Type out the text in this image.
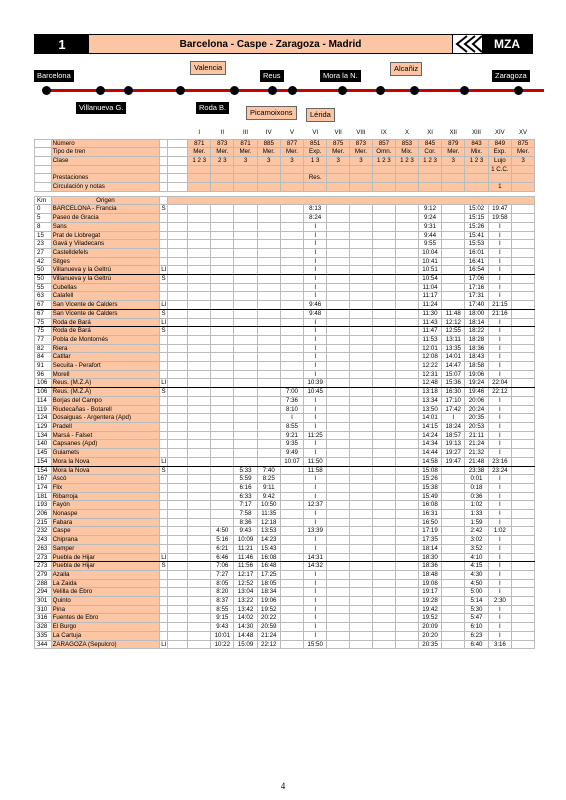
1	Barcelona - Caspe - Zaragoza - Madrid	MZA
Barcelona
Valencia
Villanueva G.	Roda B.
Reus
Picamoixons
Mora la N.
Lérida
Alcañiz
Zaragoza
				I	II	III	IV	V	VI	VII	VIII	IX	X	XI	XII	XIII	XIV	XV
	Número			871	873	871	885	877	851	875	873	857	853	845	879	843	849	875
	Tipo de tren			Mer.	Mer.	Mer.	Mer.	Mer.	Exp.	Mer.	Mer.	Omn.	Mix.	Cor.	Mer.	Mix.	Exp.	Mer.
	Clase			1 2 3	2 3	3	3	3	1 3	3	3	1 2 3	1 2 3	1 2 3	3	1 2 3	Lujo	3
																	1 C.C.	
	Prestaciones								Res.									
	Circulación y notas																1	

Km	Origen																	
0	BARCELONA - Francia	S							8:13					9:12		15:02	19:47	
5	Paseo de Gracia								8:24					9:24		15:15	19:58	
8	Sans								I					9:31		15:26	I	
15	Prat de Llobregat								I					9:44		15:41	I	
23	Gavá y Viladecans								I					9:55		15:53	I	
27	Castelldefels								I					10:04		16:01	I	
42	Sitges								I					10:41		16:41	I	
50	Villanueva y la Geltrú	Ll							I					10:51		16:54	I	
50	Villanueva y la Geltrú	S							I					10:54		17:06	I	
55	Cubellas								I					11:04		17:16	I	
63	Calafell								I					11:17		17:31	I	
67	San Vicente de Calders	Ll							9:46					11:24		17:40	21:15	
67	San Vicente de Calders	S							9:48					11:30	11:48	18:00	21:16	
75	Roda de Bará	Ll							I					11:43	12:12	18:14	I	
75	Roda de Bará	S							I					11:47	12:55	18:22	I	
77	Pobla de Montornés								I					11:53	13:11	18:28	I	
82	Riera								I					12:01	13:35	18:36	I	
84	Catllar								I					12:08	14:01	18:43	I	
91	Secuita - Perafort								I					12:22	14:47	18:58	I	
96	Morell								I					12:31	15:07	19:06	I	
106	Reus. (M.Z.A)	Ll							10:39					12:48	15:36	19:24	22:04	
106	Reus. (M.Z.A)	S						7:00	10:45					13:18	16:30	19:46	22:12	
114	Borjas del Campo							7:36	I					13:34	17:10	20:06	I	
119	Riudecañas - Botarell							8:10	I					13:50	17:42	20:24	I	
124	Dosaiguas - Argentera (Apd)							I	I					14:01	I	20:35	I	
129	Pradell							8:55	I					14:15	18:24	20:53	I	
134	Marsá - Falset							9:21	11:25					14:24	18:57	21:11	I	
140	Capsanes (Apd)							9:35	I					14:34	19:13	21:24	I	
145	Guiamets							9:49	I					14:44	19:27	21:32	I	
154	Mora la Nova	Ll						10:07	11:50					14:58	19:47	21:48	23:16	
154	Mora la Nova	S				5:33	7:40		11:58					15:08		23:38	23:24	
167	Ascó					5:59	8:25		I					15:26		0:01	I	
174	Flix					6:16	9:11		I					15:38		0:18	I	
181	Ribarroja					6:33	9:42		I					15:49		0:36	I	
193	Fayón					7:17	10:50		12:37					16:08		1:02	I	
206	Nonaspe					7:58	11:35		I					16:31		1:33	I	
215	Fabara					8:36	12:18		I					16:50		1:59	I	
232	Caspe				4:50	9:43	13:53		13:39					17:19		2:42	1:02	
243	Chiprana				5:16	10:09	14:23		I					17:35		3:02	I	
263	Samper				6:21	11:21	15:43		I					18:14		3:52	I	
273	Puebla de Hijar	Ll			6:46	11:46	16:08		14:31					18:30		4:10	I	
273	Puebla de Hijar	S			7:06	11:56	16:48		14:32					18:36		4:15	I	
279	Azaila				7:27	12:17	17:25		I					18:48		4:30	I	
288	La Zaida				8:05	12:52	18:05		I					19:08		4:50	I	
294	Velilla de Ebro				8:20	13:04	18:34		I					19:17		5:00	I	
301	Quinto				8:37	13:22	19:06		I					19:28		5:14	2:30	
310	Pina				8:55	13:42	19:52		I					19:42		5:30	I	
316	Fuentes de Ebro				9:15	14:02	20:22		I					19:52		5:47	I	
328	El Burgo				9:43	14:30	20:59		I					20:09		6:10	I	
335	La Cartuja				10:01	14:48	21:24		I					20:20		6:23	I	
344	ZARAGOZA (Sepulcro)	Ll			10:22	15:09	22:12		15:50					20:35		6:40	3:16	
4
